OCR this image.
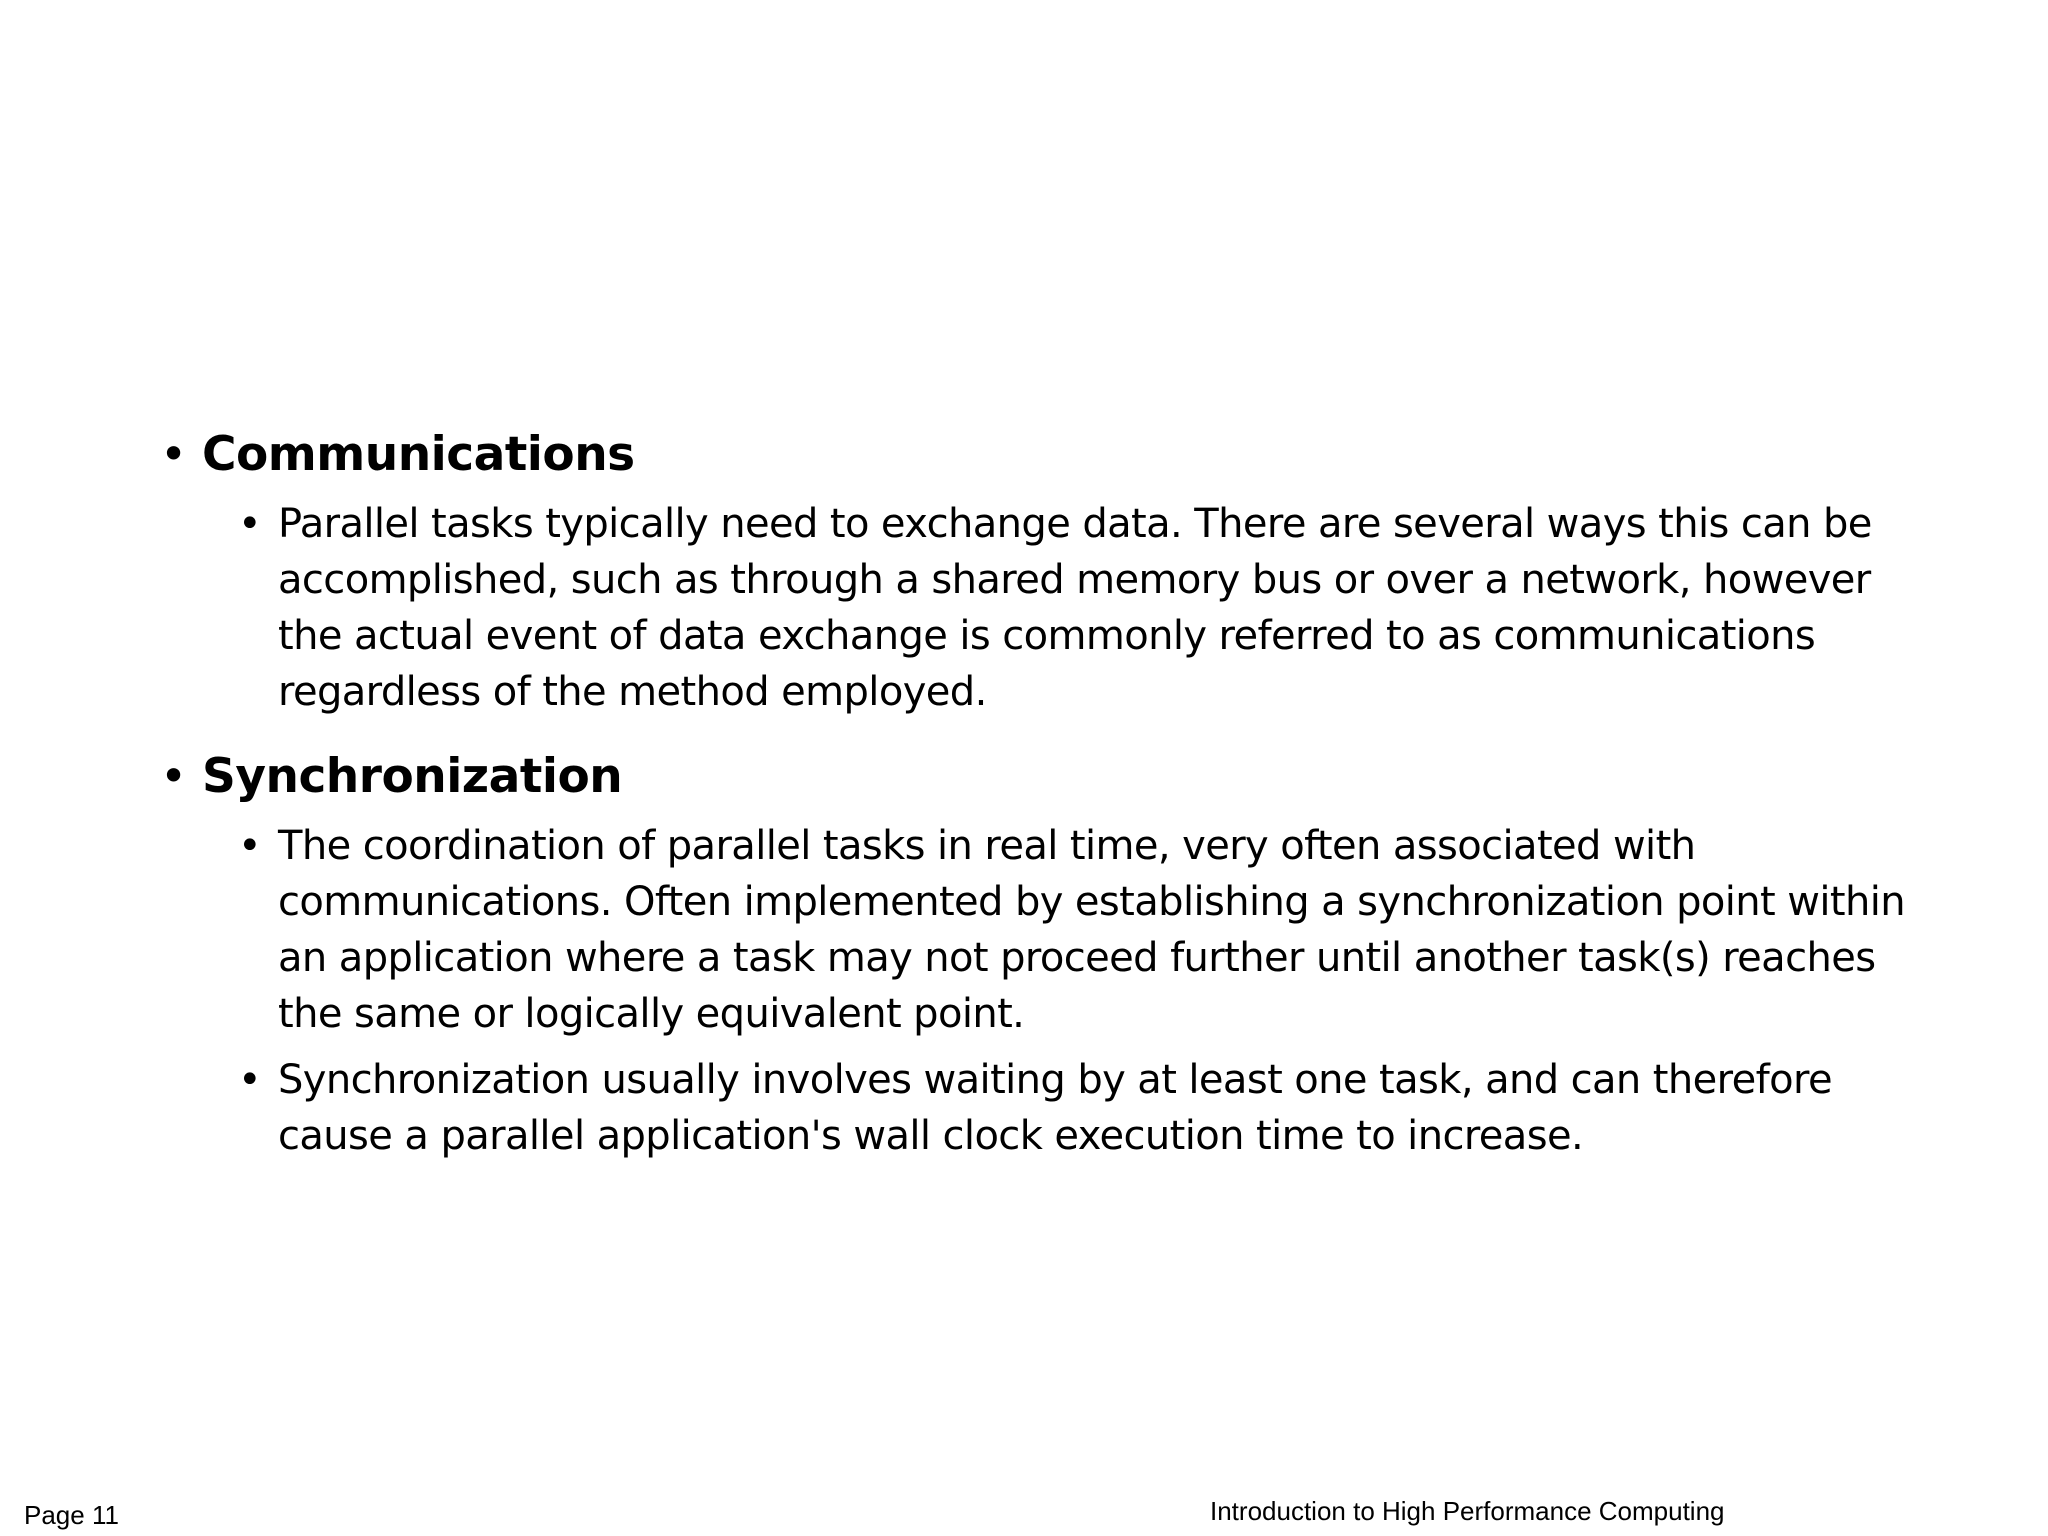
• Communications
• Parallel tasks typically need to exchange data. There are several ways this can be accomplished, such as through a shared memory bus or over a network, however the actual event of data exchange is commonly referred to as communications regardless of the method employed.
• Synchronization
• The coordination of parallel tasks in real time, very often associated with communications. Often implemented by establishing a synchronization point within an application where a task may not proceed further until another task(s) reaches the same or logically equivalent point.
• Synchronization usually involves waiting by at least one task, and can therefore cause a parallel application's wall clock execution time to increase.
Page 11	Introduction to High Performance Computing
